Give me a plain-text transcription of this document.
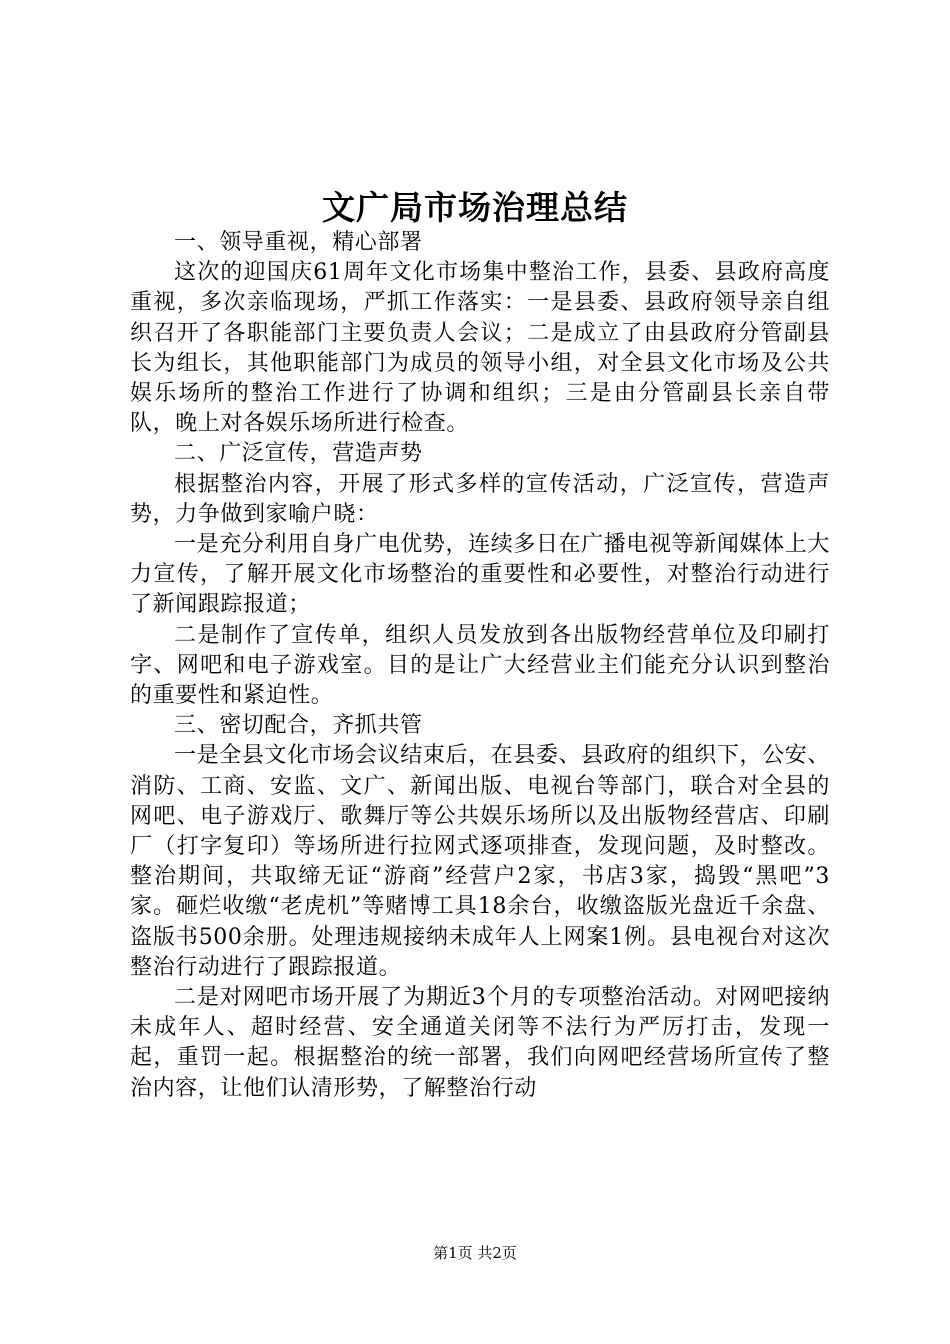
文广局市场治理总结

一、领导重视，精心部署

这次的迎国庆61周年文化市场集中整治工作，县委、县政府高度重视，多次亲临现场，严抓工作落实：一是县委、县政府领导亲自组织召开了各职能部门主要负责人会议；二是成立了由县政府分管副县长为组长，其他职能部门为成员的领导小组，对全县文化市场及公共娱乐场所的整治工作进行了协调和组织；三是由分管副县长亲自带队，晚上对各娱乐场所进行检查。

二、广泛宣传，营造声势

根据整治内容，开展了形式多样的宣传活动，广泛宣传，营造声势，力争做到家喻户晓：

一是充分利用自身广电优势，连续多日在广播电视等新闻媒体上大力宣传，了解开展文化市场整治的重要性和必要性，对整治行动进行了新闻跟踪报道；

二是制作了宣传单，组织人员发放到各出版物经营单位及印刷打字、网吧和电子游戏室。目的是让广大经营业主们能充分认识到整治的重要性和紧迫性。

三、密切配合，齐抓共管

一是全县文化市场会议结束后，在县委、县政府的组织下，公安、消防、工商、安监、文广、新闻出版、电视台等部门，联合对全县的网吧、电子游戏厅、歌舞厅等公共娱乐场所以及出版物经营店、印刷厂（打字复印）等场所进行拉网式逐项排查，发现问题，及时整改。整治期间，共取缔无证“游商”经营户2家，书店3家，捣毁“黑吧”3家。砸烂收缴“老虎机”等赌博工具18余台，收缴盗版光盘近千余盘、盗版书500余册。处理违规接纳未成年人上网案1例。县电视台对这次整治行动进行了跟踪报道。

二是对网吧市场开展了为期近3个月的专项整治活动。对网吧接纳未成年人、超时经营、安全通道关闭等不法行为严厉打击，发现一起，重罚一起。根据整治的统一部署，我们向网吧经营场所宣传了整治内容，让他们认清形势，了解整治行动

第1页 共2页
